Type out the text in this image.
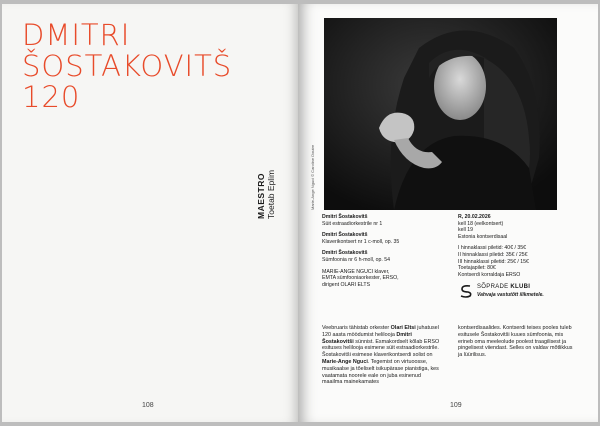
DMITRI
ŠOSTAKOVITŠ
120
MAESTRO Toetab Eplim
108
Marie-Ange Nguci © Caroline Doutre
Dmitri Šostakovitš
Süit estraadiorkestrile nr 1
Dmitri Šostakovitš
Klaverikontsert nr 1 c-moll, op. 35
Dmitri Šostakovitš
Sümfoonia nr 6 h-moll, op. 54
MARIE-ANGE NGUCI klaver,
EMTA sümfooniaorkester, ERSO,
dirigent OLARI ELTS
R, 20.02.2026
kell 18 (eelkontsert)
kell 19
Estonia kontserdisaal
I hinnaklassi piletid: 40€ / 35€
II hinnaklassi piletid: 35€ / 25€
III hinnaklassi piletid: 25€ / 15€
Toetajapilet: 80€
Kontserdi korraldaja ERSO
SÕPRADE KLUBI
Vahvaja vastutõtt ilikmetele.
Veebruaris tähistab orkester Olari Eltsi juhatusel 120 aasta möödumist helilooja Dmitri Šostakovitši sünnist. Esmakordselt kõlab ERSO esituses helilooja esimene süit estraadiorkestrile. Šostakovitši esimese klaverikontserdi solist on Marie-Ange Nguci. Tegemist on virtuoosse, musikaalse ja tõeliselt isikupärase pianistiga, kes vaatamata noorele eale on juba esinenud maailma mainekamates
kontserdisaalides. Kontserdi teises pooles tuleb esitusele Šostakovitši kuues sümfoonia, mis erineb oma meeleolude poolest traagilisest ja pingelisest viiendast. Selles on valdav mõtlikkus ja lüürilisus.
109
